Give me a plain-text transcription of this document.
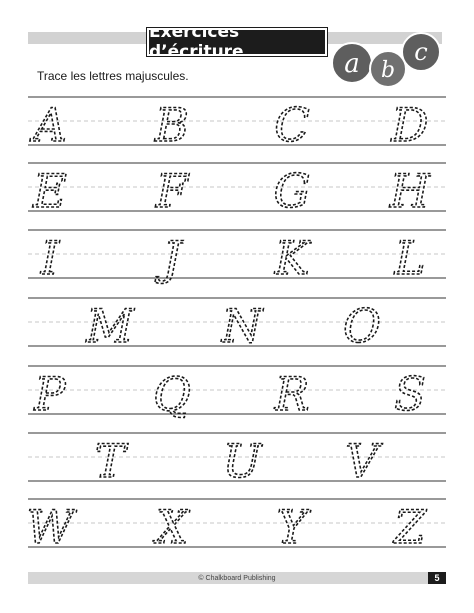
Exercices d’écriture	a b
c
Trace les lettres majuscules.
A B C D
E F G H
I J K L
M N O
P Q R S
T U V
W X Y Z
© Chalkboard Publishing	5
